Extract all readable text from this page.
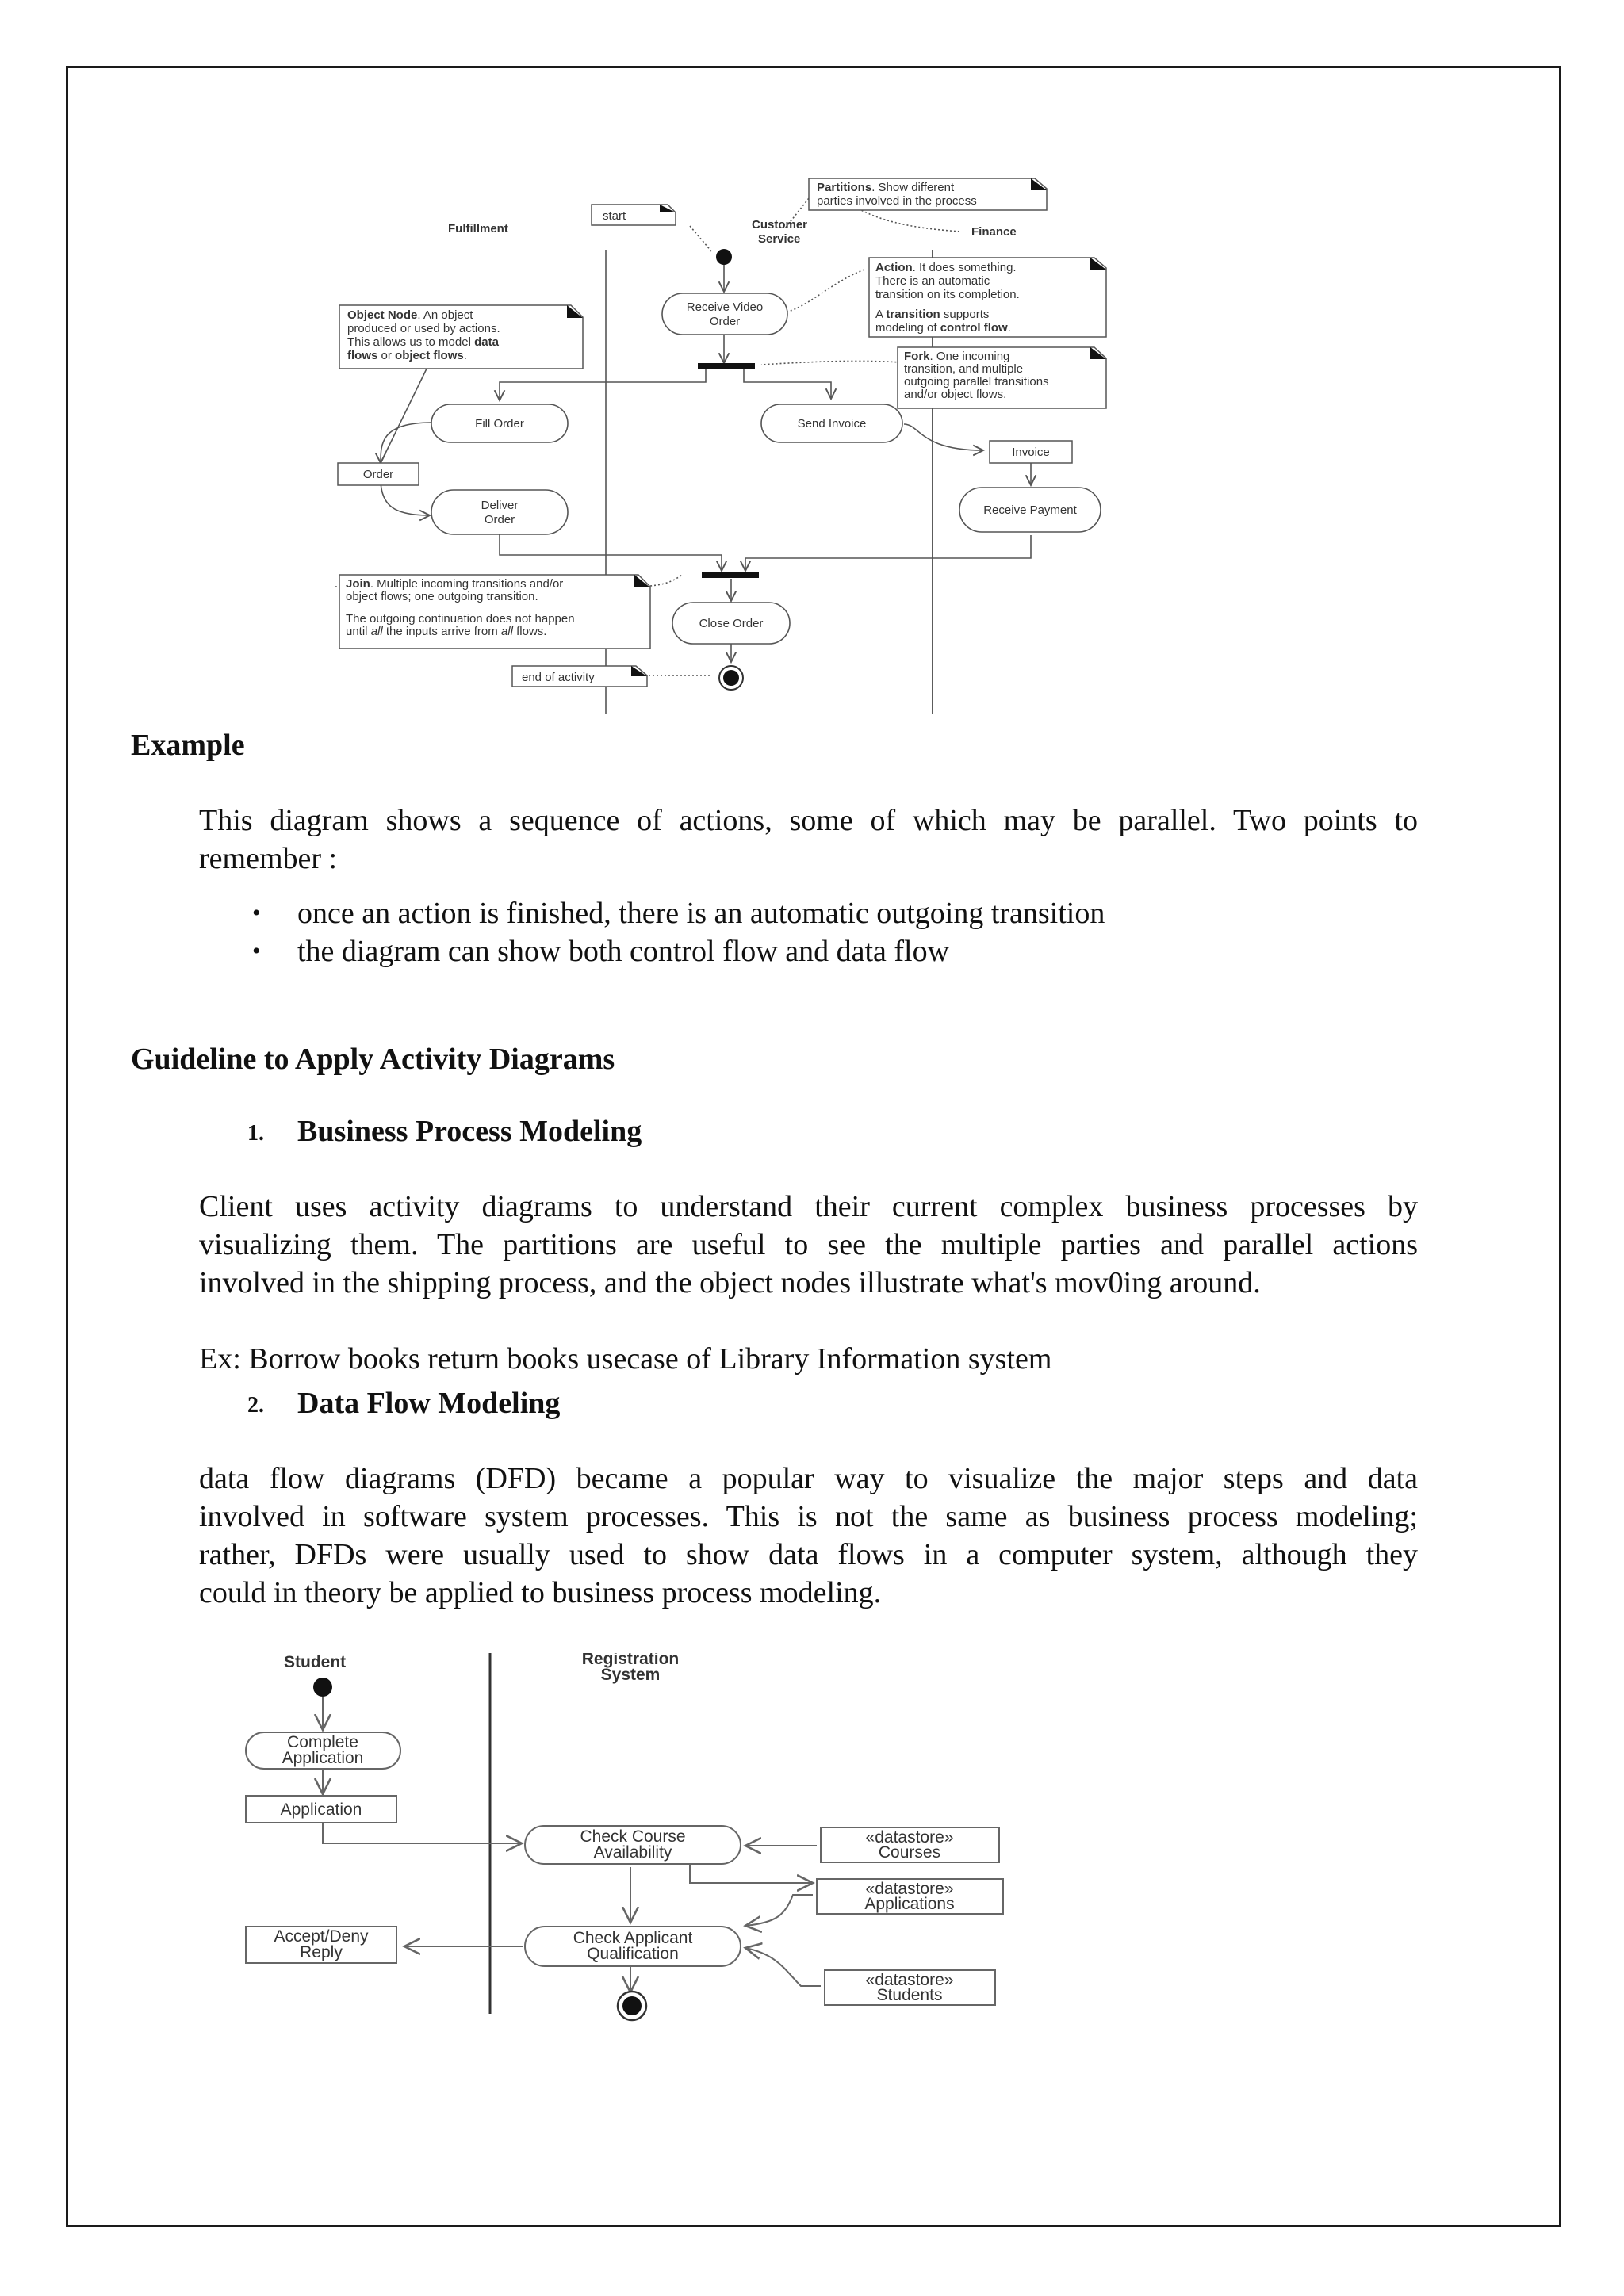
Fulfillment	Customer
Service
Finance
start
Partitions. Show different
parties involved in the process
Action. It does something.
There is an automatic
transition on its completion.
A transition supports
modeling of control flow.
Object Node. An object
produced or used by actions.
This allows us to model data
flows or object flows.
Receive Video
Order
Fork. One incoming
transition, and multiple
outgoing parallel transitions
and/or object flows.
Fill Order	Send Invoice
Order
Invoice
Deliver
Order
Receive Payment
Join. Multiple incoming transitions and/or
object flows; one outgoing transition.
The outgoing continuation does not happen
until all the inputs arrive from all flows.
Close Order
end of activity
Example
This diagram shows a sequence of actions, some of which may be parallel. Two points to
remember :
• once an action is finished, there is an automatic outgoing transition
• the diagram can show both control flow and data flow
Guideline to Apply Activity Diagrams
1. Business Process Modeling
Client uses activity diagrams to understand their current complex business processes by
visualizing them. The partitions are useful to see the multiple parties and parallel actions
involved in the shipping process, and the object nodes illustrate what's mov0ing around.
Ex: Borrow books return books usecase of Library Information system
2. Data Flow Modeling
data flow diagrams (DFD) became a popular way to visualize the major steps and data
involved in software system processes. This is not the same as business process modeling;
rather, DFDs were usually used to show data flows in a computer system, although they
could in theory be applied to business process modeling.
Student	Registration
System
Complete
Application
Application
Check Course
Availability
«datastore»
Courses
«datastore»
Applications
Check Applicant
Qualification
Accept/Deny
Reply
«datastore»
Students
